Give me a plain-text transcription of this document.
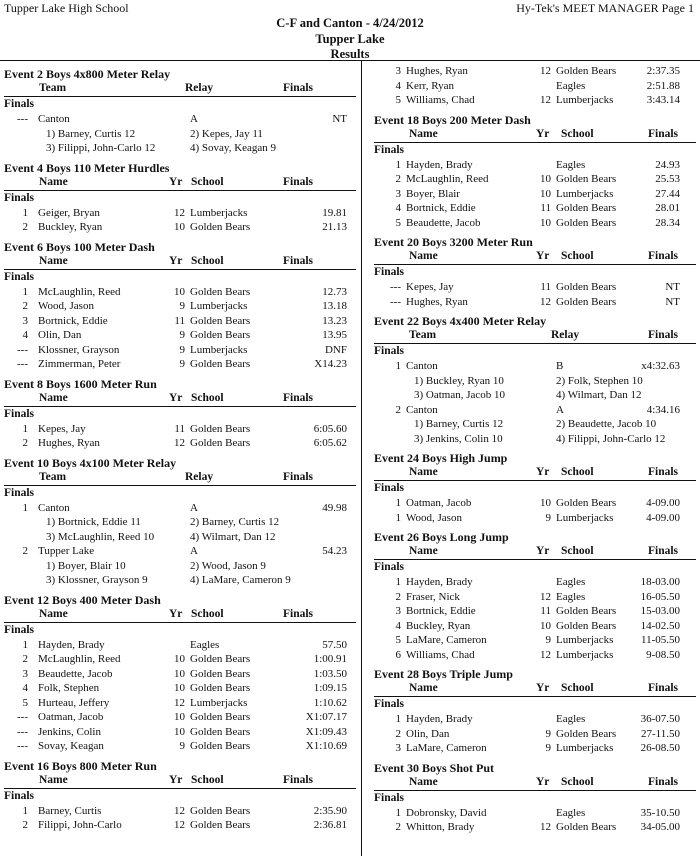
Tupper Lake High School	Hy-Tek's MEET MANAGER Page 1
C-F and Canton - 4/24/2012
Tupper Lake
Results
Event 2 Boys 4x800 Meter Relay
Team	Relay	Finals
Finals
--- Canton	A	NT
1) Barney, Curtis 12	2) Kepes, Jay 11
3) Filippi, John-Carlo 12	4) Sovay, Keagan 9
Event 4 Boys 110 Meter Hurdles
Name	Yr School	Finals
Finals
1 Geiger, Bryan	12 Lumberjacks	19.81
2 Buckley, Ryan	10 Golden Bears	21.13
Event 6 Boys 100 Meter Dash
Name	Yr School	Finals
Finals
1 McLaughlin, Reed	10 Golden Bears	12.73
2 Wood, Jason	9 Lumberjacks	13.18
3 Bortnick, Eddie	11 Golden Bears	13.23
4 Olin, Dan	9 Golden Bears	13.95
--- Klossner, Grayson	9 Lumberjacks	DNF
--- Zimmerman, Peter	9 Golden Bears	X14.23
Event 8 Boys 1600 Meter Run
Name	Yr School	Finals
Finals
1 Kepes, Jay	11 Golden Bears	6:05.60
2 Hughes, Ryan	12 Golden Bears	6:05.62
Event 10 Boys 4x100 Meter Relay
Team	Relay	Finals
Finals
1 Canton	A	49.98
1) Bortnick, Eddie 11	2) Barney, Curtis 12
3) McLaughlin, Reed 10	4) Wilmart, Dan 12
2 Tupper Lake	A	54.23
1) Boyer, Blair 10	2) Wood, Jason 9
3) Klossner, Grayson 9	4) LaMare, Cameron 9
Event 12 Boys 400 Meter Dash
Name	Yr School	Finals
Finals
1 Hayden, Brady	Eagles	57.50
2 McLaughlin, Reed	10 Golden Bears	1:00.91
3 Beaudette, Jacob	10 Golden Bears	1:03.50
4 Folk, Stephen	10 Golden Bears	1:09.15
5 Hurteau, Jeffery	12 Lumberjacks	1:10.62
--- Oatman, Jacob	10 Golden Bears	X1:07.17
--- Jenkins, Colin	10 Golden Bears	X1:09.43
--- Sovay, Keagan	9 Golden Bears	X1:10.69
Event 16 Boys 800 Meter Run
Name	Yr School	Finals
Finals
1 Barney, Curtis	12 Golden Bears	2:35.90
2 Filippi, John-Carlo	12 Golden Bears	2:36.81
3 Hughes, Ryan	12 Golden Bears	2:37.35
4 Kerr, Ryan	Eagles	2:51.88
5 Williams, Chad	12 Lumberjacks	3:43.14
Event 18 Boys 200 Meter Dash
Name	Yr School	Finals
Finals
1 Hayden, Brady	Eagles	24.93
2 McLaughlin, Reed	10 Golden Bears	25.53
3 Boyer, Blair	10 Lumberjacks	27.44
4 Bortnick, Eddie	11 Golden Bears	28.01
5 Beaudette, Jacob	10 Golden Bears	28.34
Event 20 Boys 3200 Meter Run
Name	Yr School	Finals
Finals
--- Kepes, Jay	11 Golden Bears	NT
--- Hughes, Ryan	12 Golden Bears	NT
Event 22 Boys 4x400 Meter Relay
Team	Relay	Finals
Finals
1 Canton	B	x4:32.63
1) Buckley, Ryan 10	2) Folk, Stephen 10
3) Oatman, Jacob 10	4) Wilmart, Dan 12
2 Canton	A	4:34.16
1) Barney, Curtis 12	2) Beaudette, Jacob 10
3) Jenkins, Colin 10	4) Filippi, John-Carlo 12
Event 24 Boys High Jump
Name	Yr School	Finals
Finals
1 Oatman, Jacob	10 Golden Bears	4-09.00
1 Wood, Jason	9 Lumberjacks	4-09.00
Event 26 Boys Long Jump
Name	Yr School	Finals
Finals
1 Hayden, Brady	Eagles	18-03.00
2 Fraser, Nick	12 Eagles	16-05.50
3 Bortnick, Eddie	11 Golden Bears 15-03.00
4 Buckley, Ryan	10 Golden Bears 14-02.50
5 LaMare, Cameron	9 Lumberjacks	11-05.50
6 Williams, Chad	12 Lumberjacks	9-08.50
Event 28 Boys Triple Jump
Name	Yr School	Finals
Finals
1 Hayden, Brady	Eagles	36-07.50
2 Olin, Dan	9 Golden Bears 27-11.50
3 LaMare, Cameron	9 Lumberjacks 26-08.50
Event 30 Boys Shot Put
Name	Yr School	Finals
Finals
1 Dobronsky, David	Eagles	35-10.50
2 Whitton, Brady	12 Golden Bears 34-05.00
